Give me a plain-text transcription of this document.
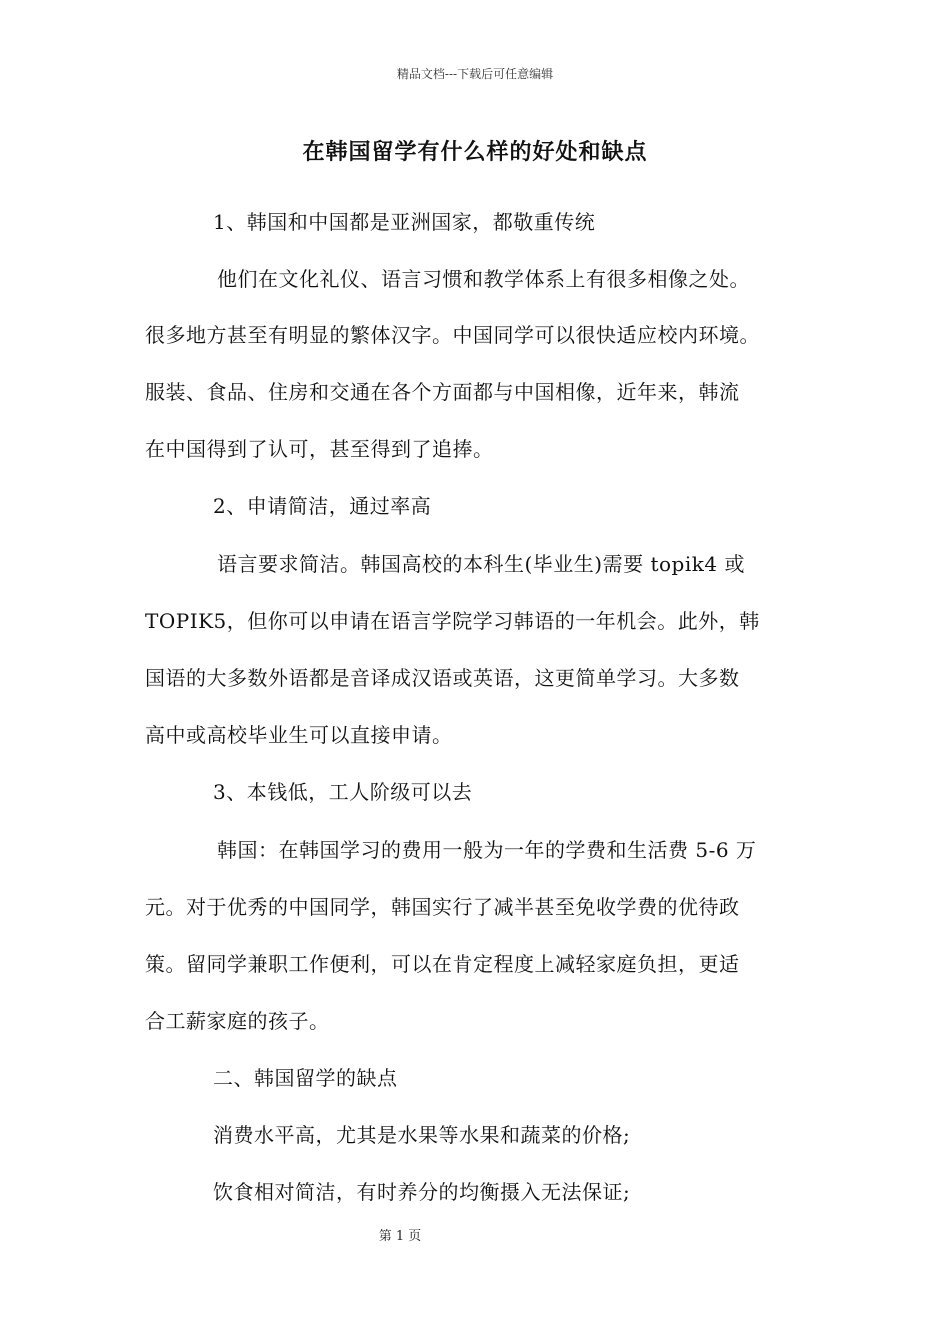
精品文档---下载后可任意编辑
在韩国留学有什么样的好处和缺点
1、韩国和中国都是亚洲国家，都敬重传统
他们在文化礼仪、语言习惯和教学体系上有很多相像之处。
很多地方甚至有明显的繁体汉字。中国同学可以很快适应校内环境。
服装、食品、住房和交通在各个方面都与中国相像，近年来，韩流
在中国得到了认可，甚至得到了追捧。
2、申请简洁，通过率高
语言要求简洁。韩国高校的本科生(毕业生)需要 topik4 或
TOPIK5，但你可以申请在语言学院学习韩语的一年机会。此外，韩
国语的大多数外语都是音译成汉语或英语，这更简单学习。大多数
高中或高校毕业生可以直接申请。
3、本钱低，工人阶级可以去
韩国：在韩国学习的费用一般为一年的学费和生活费 5-6 万
元。对于优秀的中国同学，韩国实行了减半甚至免收学费的优待政
策。留同学兼职工作便利，可以在肯定程度上减轻家庭负担，更适
合工薪家庭的孩子。
二、韩国留学的缺点
消费水平高，尤其是水果等水果和蔬菜的价格;
饮食相对简洁，有时养分的均衡摄入无法保证;
第 1 页
